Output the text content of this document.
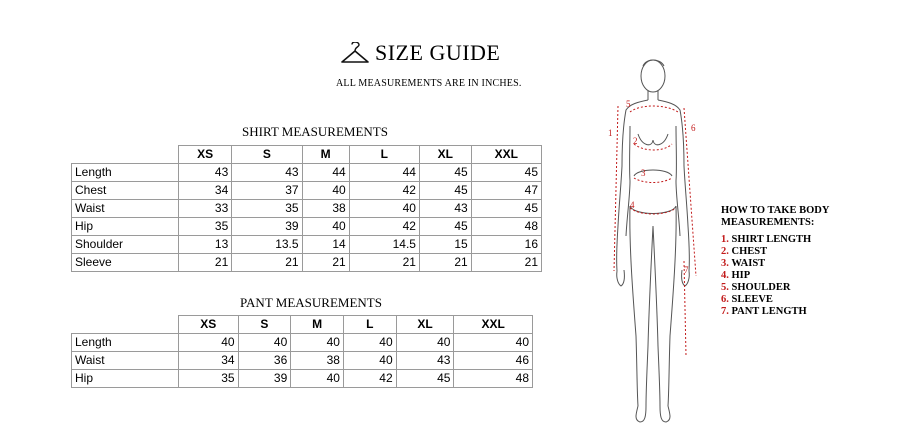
SIZE GUIDE
ALL MEASUREMENTS ARE IN INCHES.
SHIRT MEASUREMENTS
	XS	S	M	L	XL	XXL
Length	43	43	44	44	45	45
Chest	34	37	40	42	45	47
Waist	33	35	38	40	43	45
Hip	35	39	40	42	45	48
Shoulder	13	13.5	14	14.5	15	16
Sleeve	21	21	21	21	21	21
PANT MEASUREMENTS
	XS	S	M	L	XL	XXL
Length	40	40	40	40	40	40
Waist	34	36	38	40	43	46
Hip	35	39	40	42	45	48
1
2
3
4
5
6
7
HOW TO TAKE BODY
MEASUREMENTS:
1. SHIRT LENGTH
2. CHEST
3. WAIST
4. HIP
5. SHOULDER
6. SLEEVE
7. PANT LENGTH
